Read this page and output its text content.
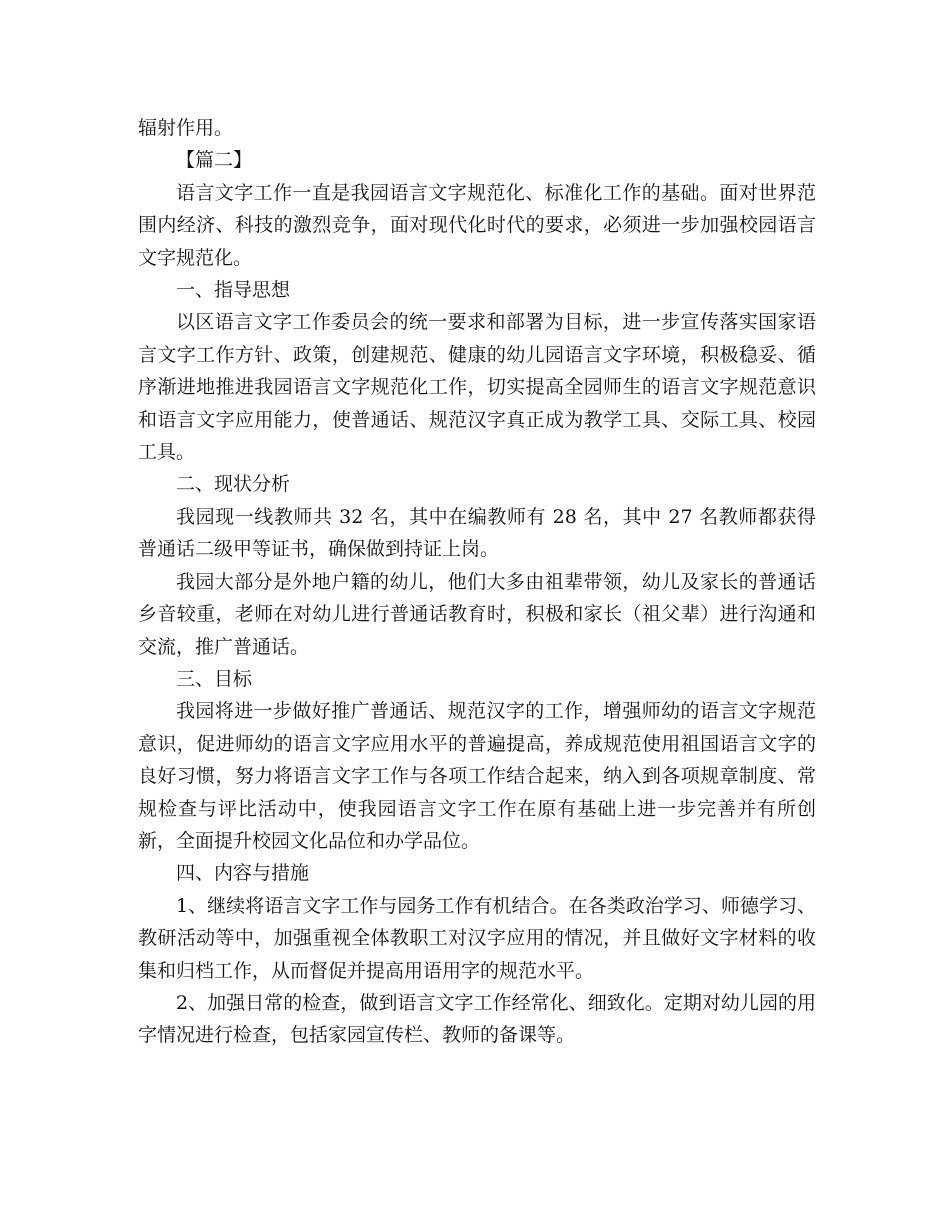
辐射作用。

【篇二】

语言文字工作一直是我园语言文字规范化、标准化工作的基础。面对世界范围内经济、科技的激烈竞争，面对现代化时代的要求，必须进一步加强校园语言文字规范化。

一、指导思想

以区语言文字工作委员会的统一要求和部署为目标，进一步宣传落实国家语言文字工作方针、政策，创建规范、健康的幼儿园语言文字环境，积极稳妥、循序渐进地推进我园语言文字规范化工作，切实提高全园师生的语言文字规范意识和语言文字应用能力，使普通话、规范汉字真正成为教学工具、交际工具、校园工具。

二、现状分析

我园现一线教师共 32 名，其中在编教师有 28 名，其中 27 名教师都获得普通话二级甲等证书，确保做到持证上岗。

我园大部分是外地户籍的幼儿，他们大多由祖辈带领，幼儿及家长的普通话乡音较重，老师在对幼儿进行普通话教育时，积极和家长（祖父辈）进行沟通和交流，推广普通话。

三、目标

我园将进一步做好推广普通话、规范汉字的工作，增强师幼的语言文字规范意识，促进师幼的语言文字应用水平的普遍提高，养成规范使用祖国语言文字的良好习惯，努力将语言文字工作与各项工作结合起来，纳入到各项规章制度、常规检查与评比活动中，使我园语言文字工作在原有基础上进一步完善并有所创新，全面提升校园文化品位和办学品位。

四、内容与措施

1、继续将语言文字工作与园务工作有机结合。在各类政治学习、师德学习、教研活动等中，加强重视全体教职工对汉字应用的情况，并且做好文字材料的收集和归档工作，从而督促并提高用语用字的规范水平。

2、加强日常的检查，做到语言文字工作经常化、细致化。定期对幼儿园的用字情况进行检查，包括家园宣传栏、教师的备课等。
